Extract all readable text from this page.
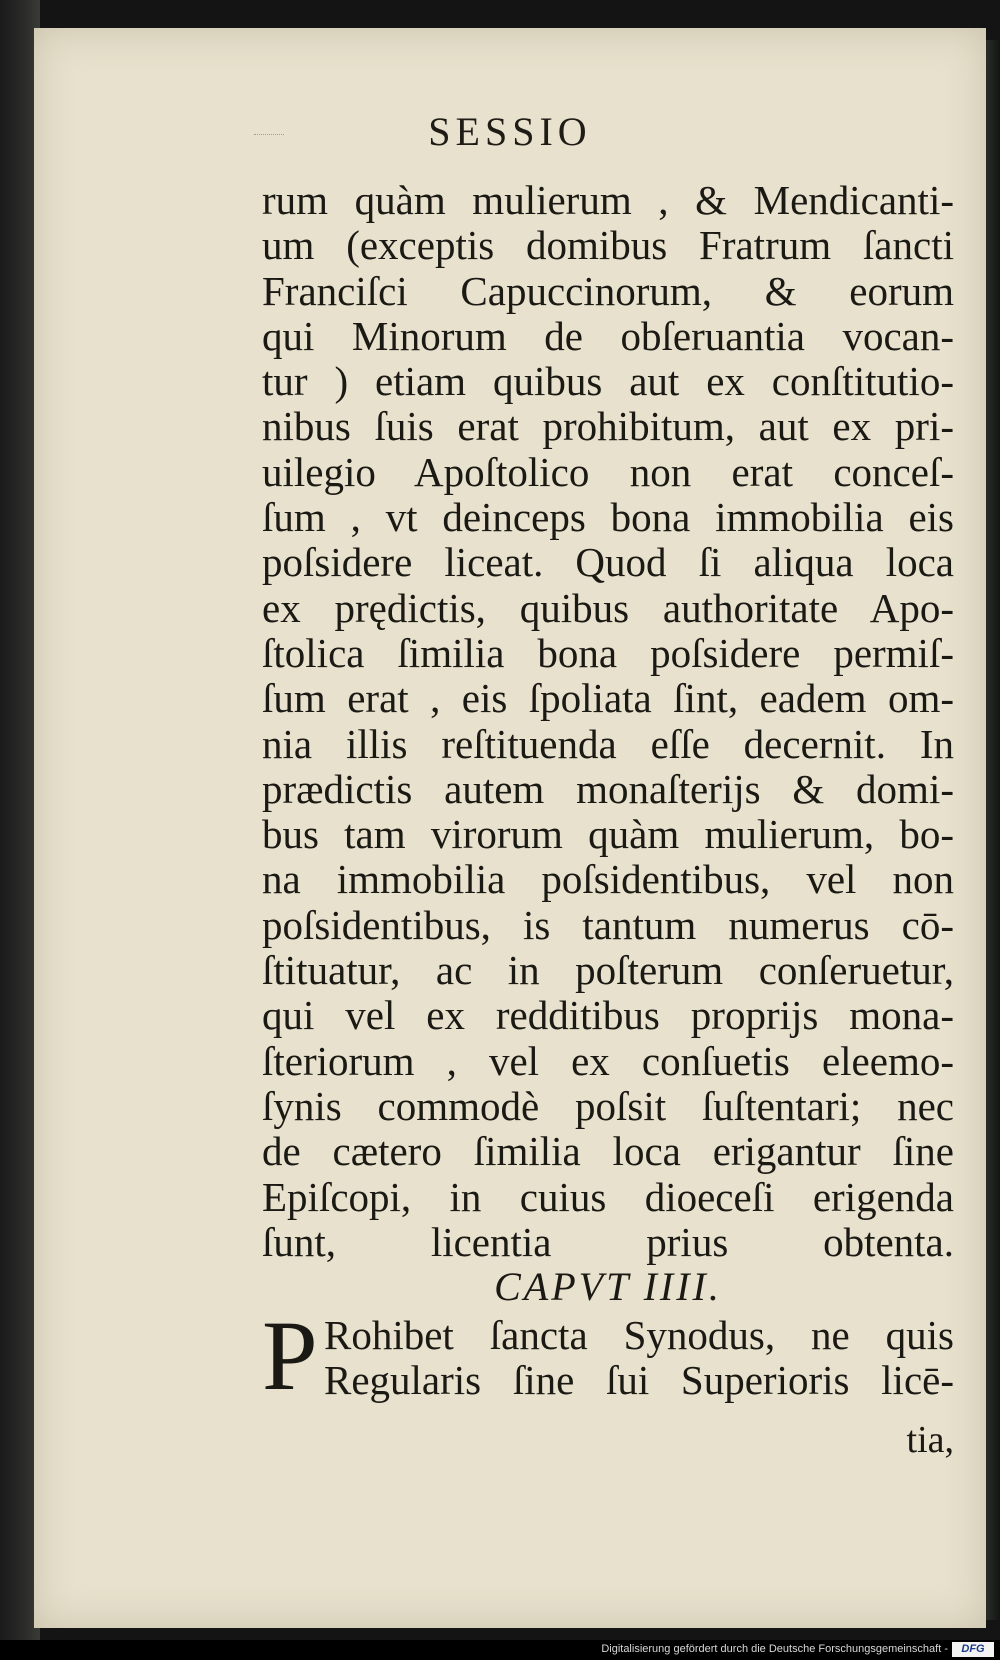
SESSIO
rum quàm mulierum , & Mendicanti-
um (exceptis domibus Fratrum ſancti
Franciſci Capuccinorum, & eorum
qui Minorum de obſeruantia vocan-
tur ) etiam quibus aut ex conſtitutio-
nibus ſuis erat prohibitum, aut ex pri-
uilegio Apoſtolico non erat conceſ-
ſum , vt deinceps bona immobilia eis
poſsidere liceat. Quod ſi aliqua loca
ex prędictis, quibus authoritate Apo-
ſtolica ſimilia bona poſsidere permiſ-
ſum erat , eis ſpoliata ſint, eadem om-
nia illis reſtituenda eſſe decernit. In
prædictis autem monaſterijs & domi-
bus tam virorum quàm mulierum, bo-
na immobilia poſsidentibus, vel non
poſsidentibus, is tantum numerus cō-
ſtituatur, ac in poſterum conſeruetur,
qui vel ex redditibus proprijs mona-
ſteriorum , vel ex conſuetis eleemo-
ſynis commodè poſsit ſuſtentari; nec
de cætero ſimilia loca erigantur ſine
Epiſcopi, in cuius dioeceſi erigenda
ſunt, licentia prius obtenta.
CAPVT IIII.
P Rohibet ſancta Synodus, ne quis
Regularis ſine ſui Superioris licē-
tia,
Digitalisierung gefördert durch die Deutsche Forschungsgemeinschaft -	DFG
